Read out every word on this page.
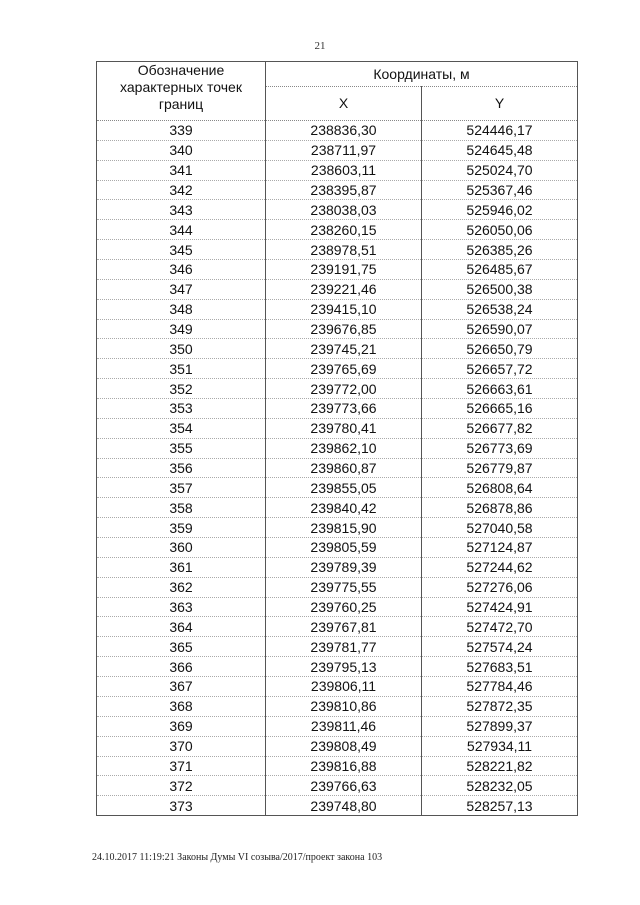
21
Обозначение характерных точек границ	Координаты, м	
	X	Y
339	238836,30	524446,17
340	238711,97	524645,48
341	238603,11	525024,70
342	238395,87	525367,46
343	238038,03	525946,02
344	238260,15	526050,06
345	238978,51	526385,26
346	239191,75	526485,67
347	239221,46	526500,38
348	239415,10	526538,24
349	239676,85	526590,07
350	239745,21	526650,79
351	239765,69	526657,72
352	239772,00	526663,61
353	239773,66	526665,16
354	239780,41	526677,82
355	239862,10	526773,69
356	239860,87	526779,87
357	239855,05	526808,64
358	239840,42	526878,86
359	239815,90	527040,58
360	239805,59	527124,87
361	239789,39	527244,62
362	239775,55	527276,06
363	239760,25	527424,91
364	239767,81	527472,70
365	239781,77	527574,24
366	239795,13	527683,51
367	239806,11	527784,46
368	239810,86	527872,35
369	239811,46	527899,37
370	239808,49	527934,11
371	239816,88	528221,82
372	239766,63	528232,05
373	239748,80	528257,13
24.10.2017 11:19:21 Законы Думы VI созыва/2017/проект закона 103
